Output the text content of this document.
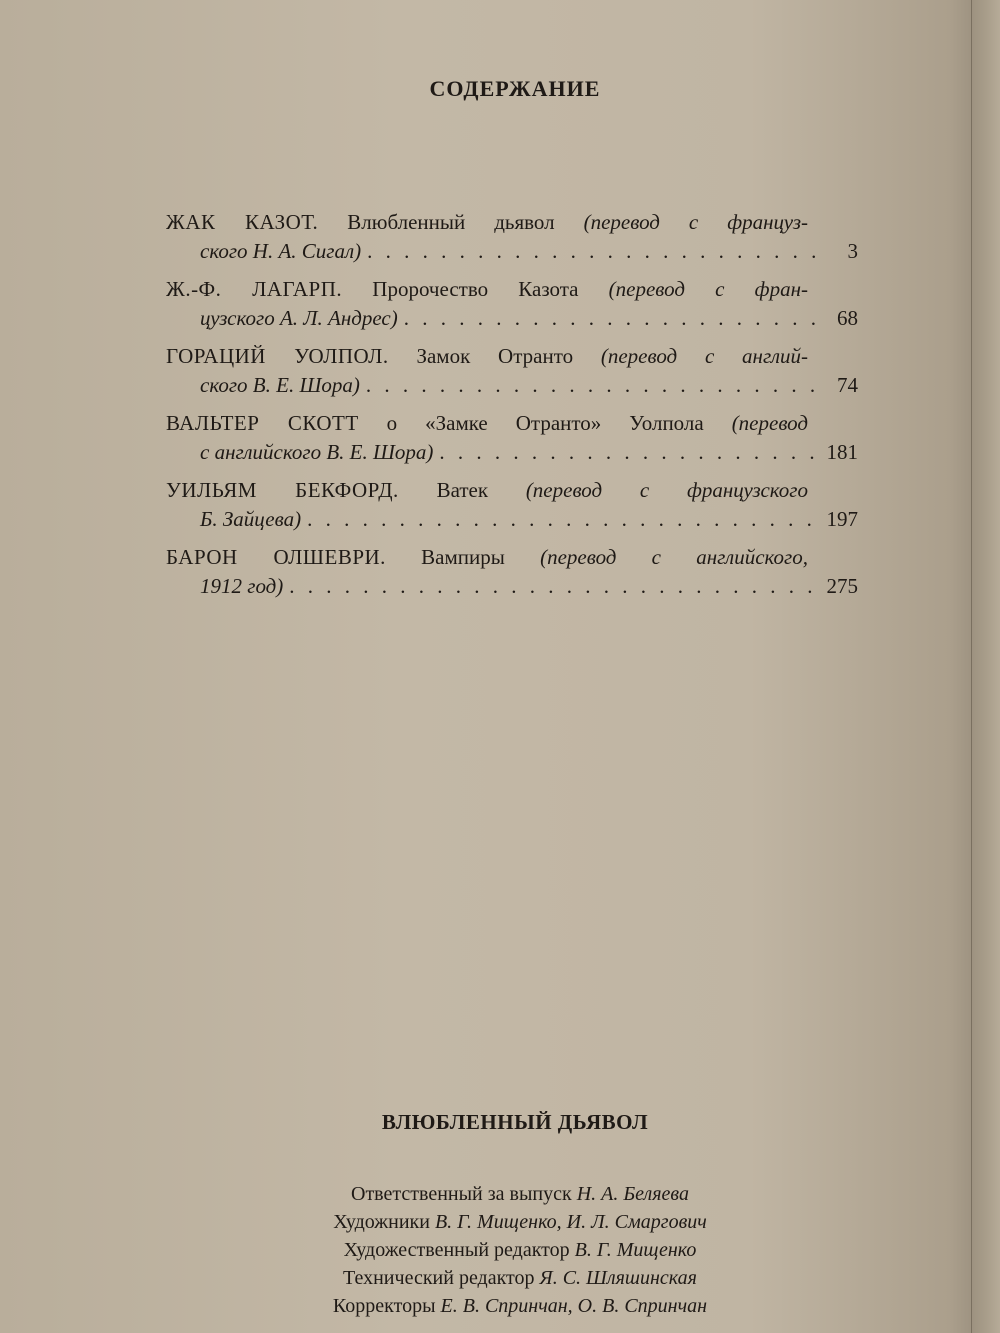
СОДЕРЖАНИЕ
ЖАК КАЗОТ. Влюбленный дьявол (перевод с француз-
ского Н. А. Сигал) . . .	3
Ж.-Ф. ЛАГАРП. Пророчество Казота (перевод с фран-
цузского А. Л. Андрес) . . .	68
ГОРАЦИЙ УОЛПОЛ. Замок Отранто (перевод с англий-
ского В. Е. Шора) . . .	74
ВАЛЬТЕР СКОТТ о «Замке Отранто» Уолпола (перевод
с английского В. Е. Шора) . . .	181
УИЛЬЯМ БЕКФОРД. Ватек (перевод с французского
Б. Зайцева) . . .	197
БАРОН ОЛШЕВРИ. Вампиры (перевод с английского,
1912 год) . . .	275
ВЛЮБЛЕННЫЙ ДЬЯВОЛ
Ответственный за выпуск Н. А. Беляева
Художники В. Г. Мищенко, И. Л. Смаргович
Художественный редактор В. Г. Мищенко
Технический редактор Я. С. Шляшинская
Корректоры Е. В. Спринчан, О. В. Спринчан
